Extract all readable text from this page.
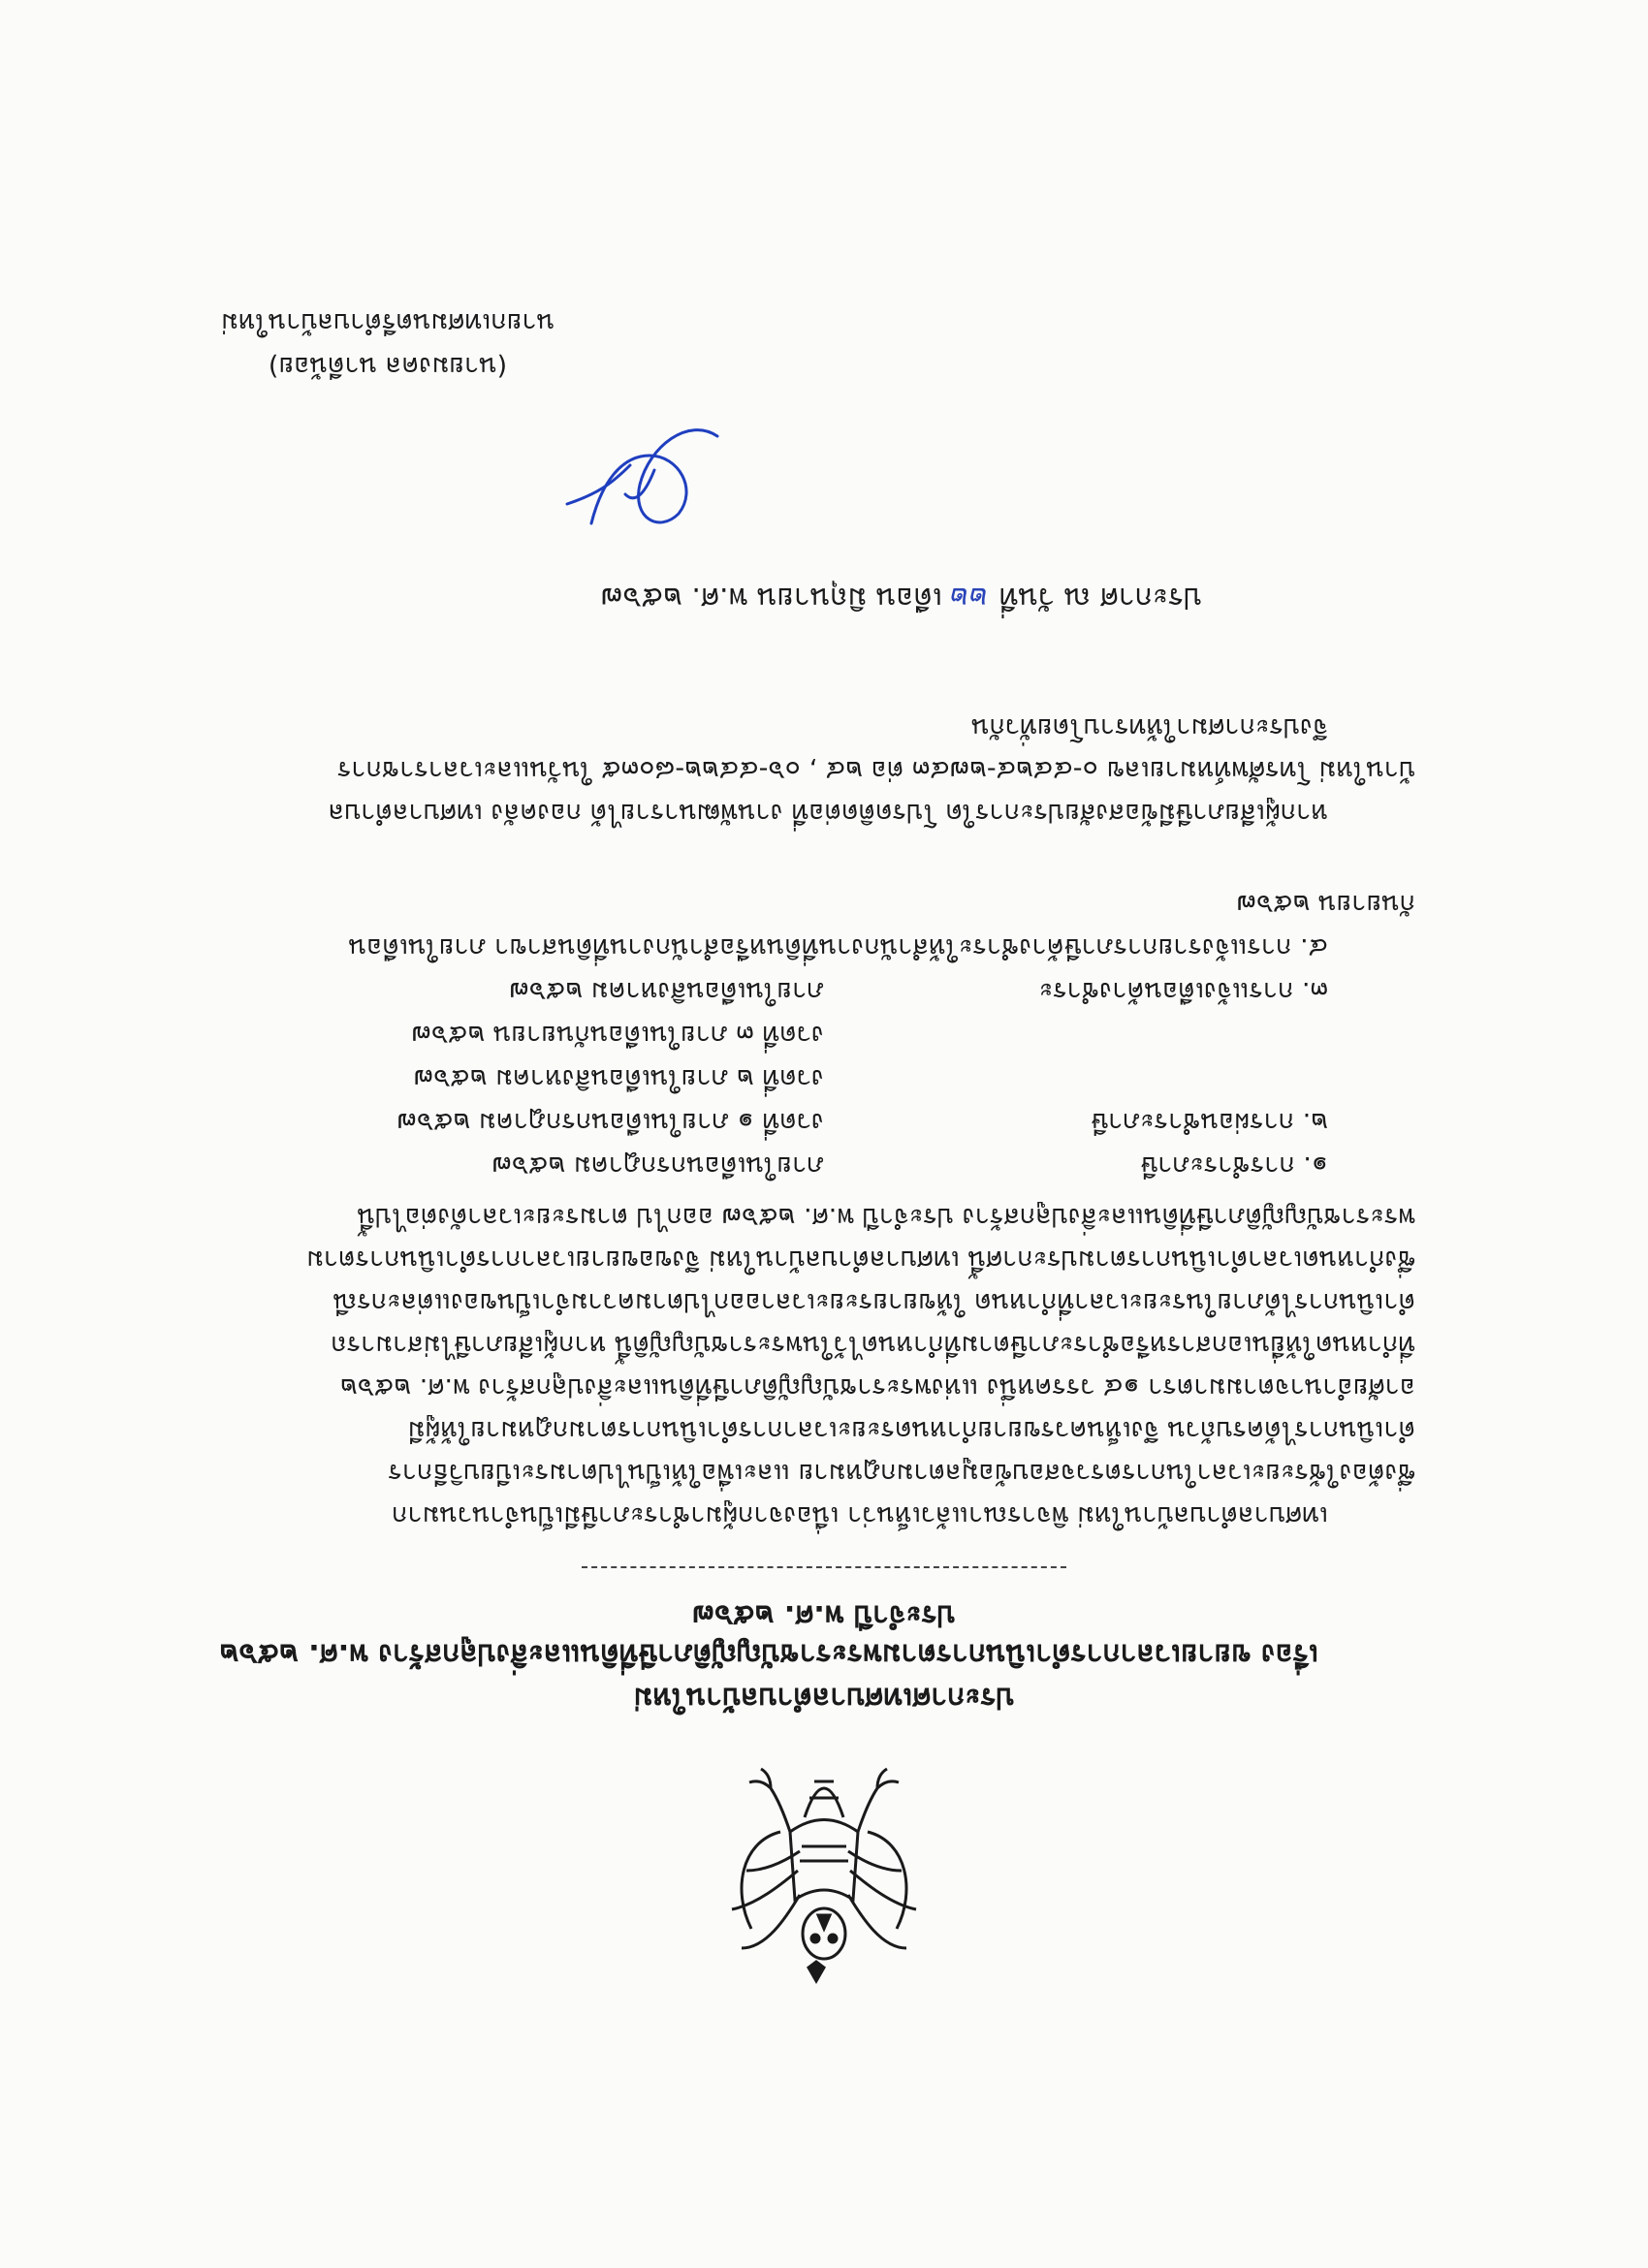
ประกาศเทศบาลตำบลบ้านใหม่
เรื่อง ขยายเวลาการดำเนินการตามพระราชบัญญัติภาษีที่ดินและสิ่งปลูกสร้าง พ.ศ. ๒๕๖๒
ประจำปี พ.ศ. ๒๕๖๗
เทศบาลตำบลบ้านใหม่ พิจารณาแล้วเห็นว่า เนื่องจากผู้มาชำระภาษีมีเป็นจำนวนมาก
ซึ่งต้องใช้ระยะเวลาในการตรวจสอบข้อมูลตามกฎหมาย และเพื่อให้เป็นไปตามระเบียบวิธีการ
ดำเนินการได้ครบถ้วน จึงเห็นควรขยายกำหนดระยะเวลาการดำเนินการตามกฎหมายให้ผู้มี
อาศัยอำนาจตามมาตรา ๑๔ วรรคหนึ่ง แห่งพระราชบัญญัติภาษีที่ดินและสิ่งปลูกสร้าง พ.ศ. ๒๕๖๒
ที่กำหนดให้ยื่นเอกสารหรือชำระภาษีตามที่กำหนดไว้ในพระราชบัญญัตินี้ หากผู้เสียภาษีไม่สามารถ
ดำเนินการได้ภายในระยะเวลาที่กำหนด ให้ขยายระยะเวลาออกไปตามความจำเป็นของแต่ละกรณี
ซึ่งกำหนดเวลาดำเนินการตามประกาศนี้ เทศบาลตำบลบ้านใหม่ จึงขอขยายเวลาการดำเนินการตาม
พระราชบัญญัติภาษีที่ดินและสิ่งปลูกสร้าง ประจำปี พ.ศ. ๒๕๖๗ ออกไป ตามระยะเวลาดังต่อไปนี้
๑. การชำระภาษี
ภายในเดือนกรกฎาคม ๒๕๖๗
๒. การผ่อนชำระภาษี
งวดที่ ๑ ภายในเดือนกรกฎาคม ๒๕๖๗
งวดที่ ๒ ภายในเดือนสิงหาคม ๒๕๖๗
งวดที่ ๓ ภายในเดือนกันยายน ๒๕๖๗
๓. การแจ้งเตือนค้างชำระ
ภายในเดือนสิงหาคม ๒๕๖๗
๔. การแจ้งรายการภาษีค้างชำระให้สำนักงานที่ดินหรือสำนักงานที่ดินสาขา ภายในเดือน
กันยายน ๒๕๖๗
หากผู้เสียภาษีมีข้อสงสัยประการใด โปรดติดต่อที่ งานพัฒนารายได้ กองคลัง เทศบาลตำบล
บ้านใหม่ โทรศัพท์หมายเลข ๐-๔๔๒๔-๒๗๔๓ ต่อ ๒๔ , ๐๖-๔๔๒๒-๘๐๓๕ ในวันและเวลาราชการ
จึงประกาศมาให้ทราบโดยทั่วกัน
ประกาศ ณ วันที่ ๒๒ เดือน มิถุนายน พ.ศ. ๒๕๖๗
(นายมงคล นาดีน้อย)
นายกเทศมนตรีตำบลบ้านใหม่
